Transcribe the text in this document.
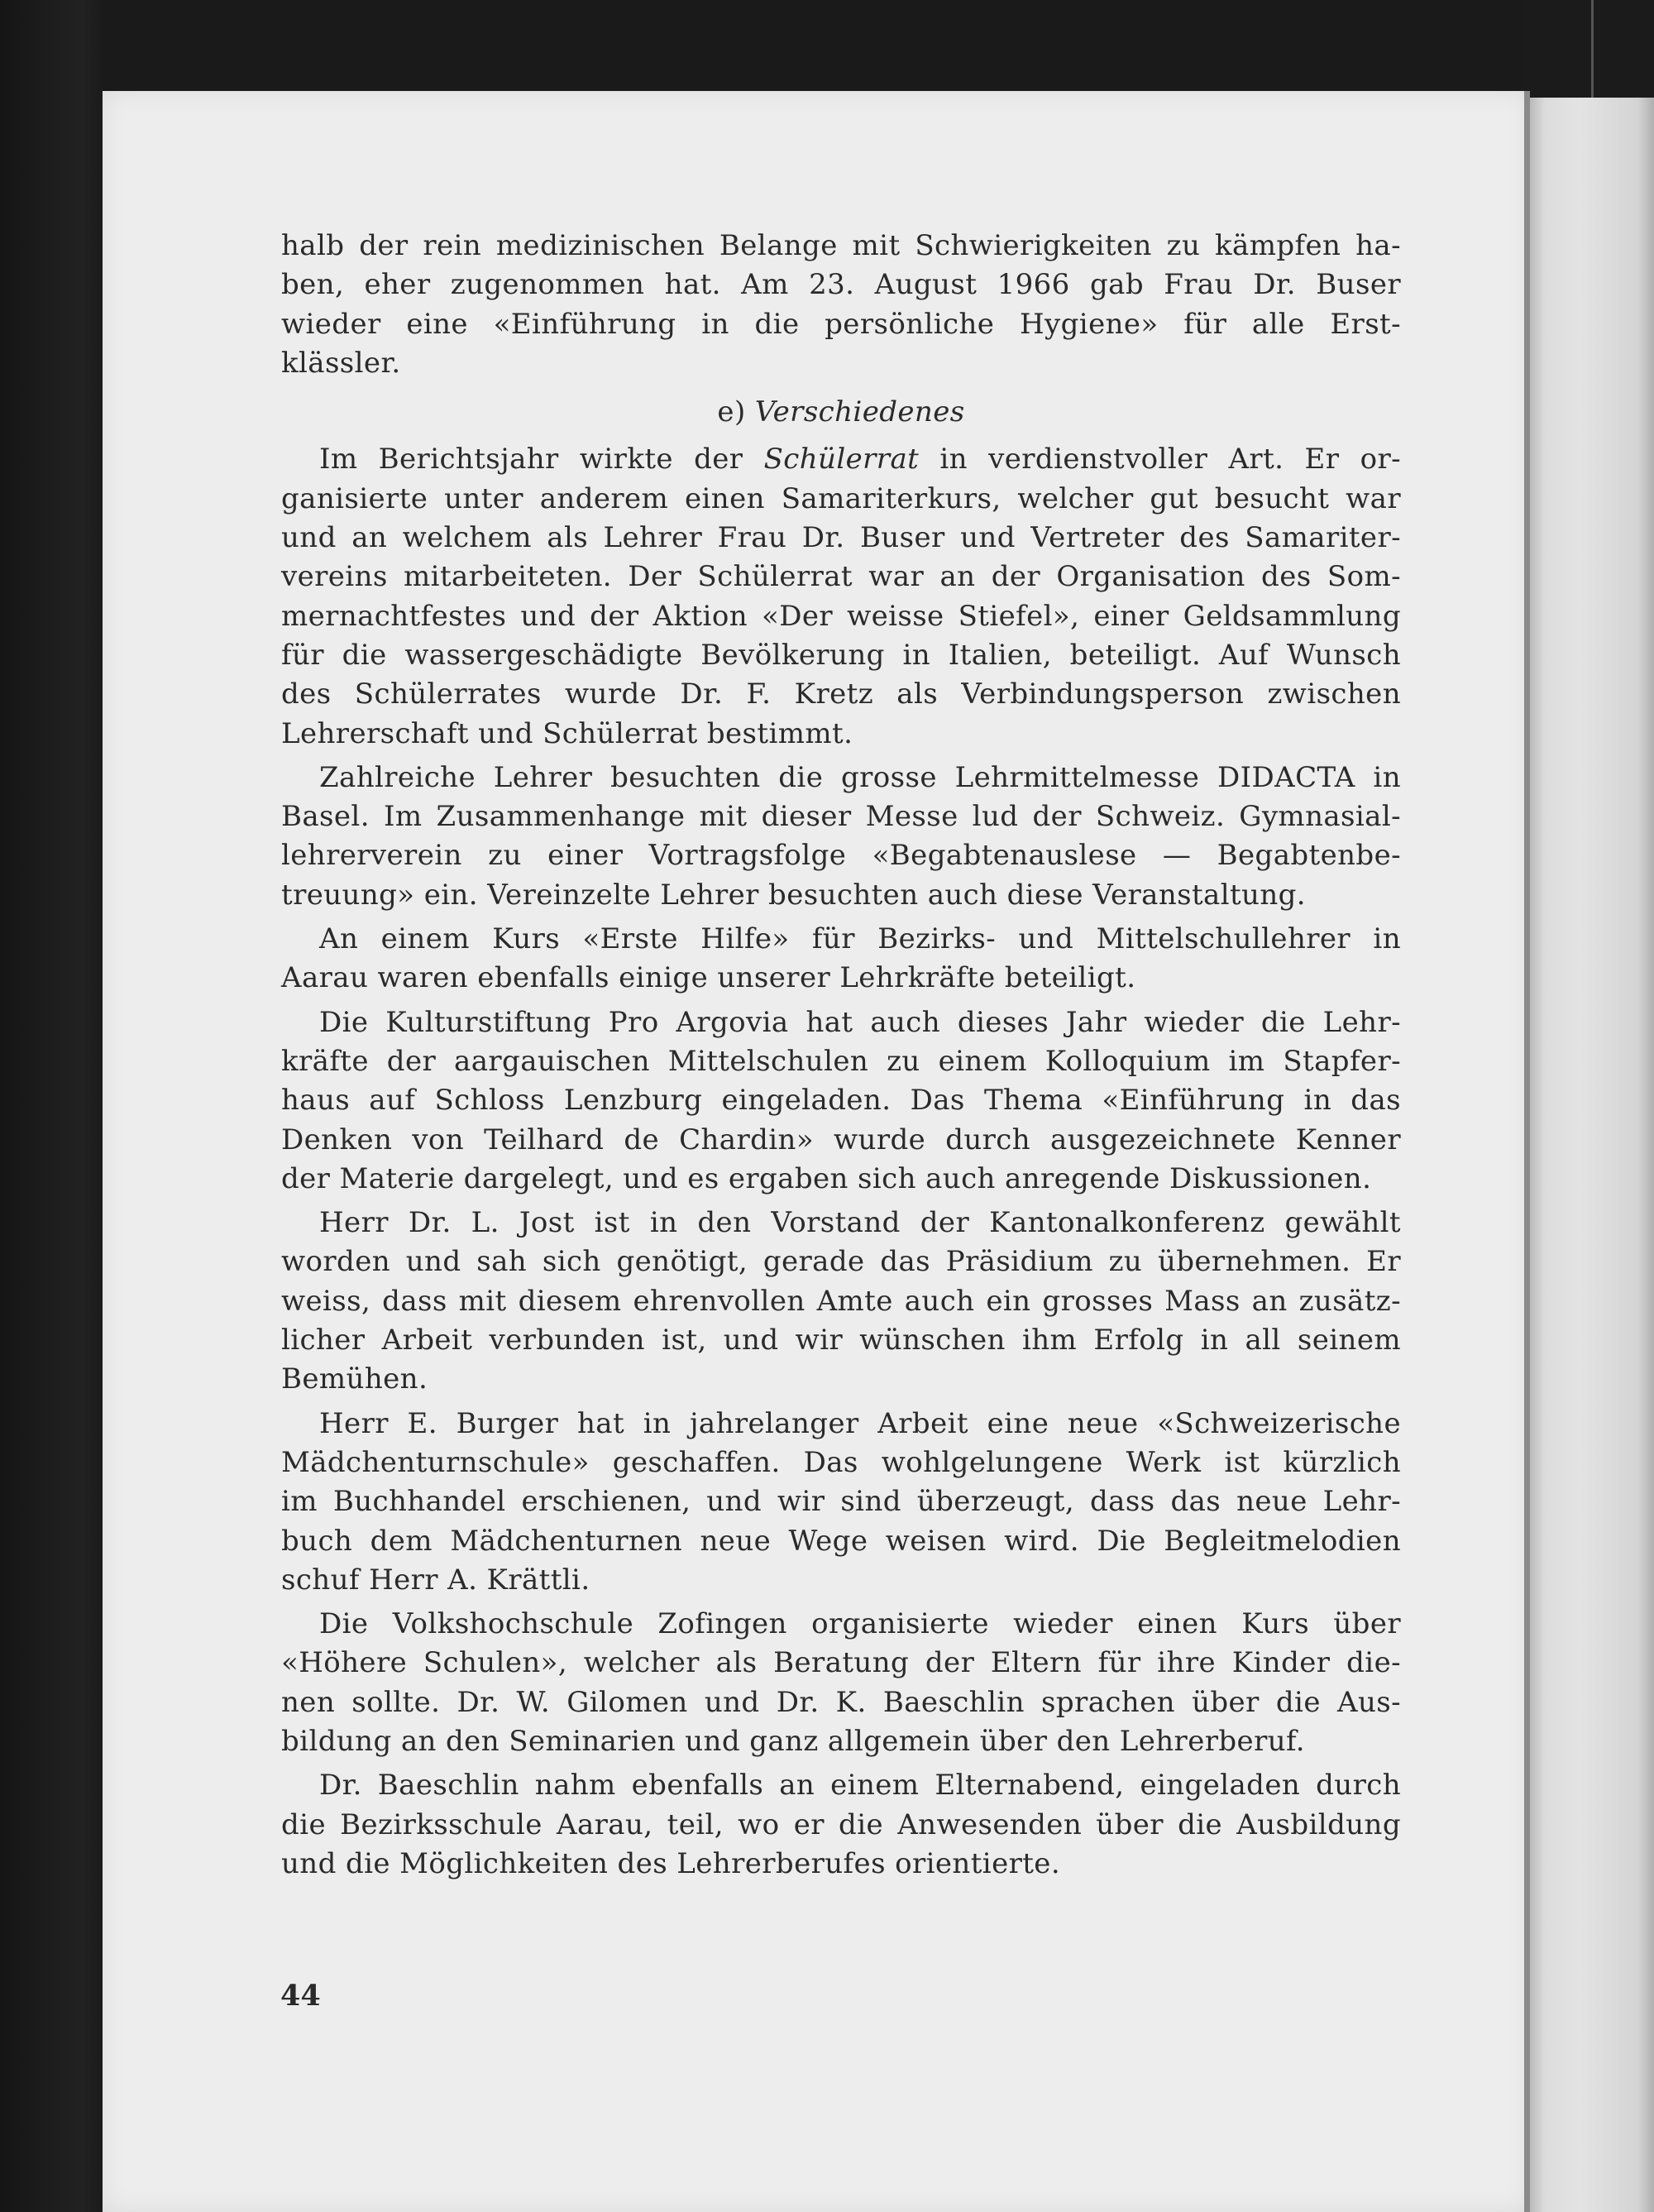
halb der rein medizinischen Belange mit Schwierigkeiten zu kämpfen ha-
ben, eher zugenommen hat. Am 23. August 1966 gab Frau Dr. Buser
wieder eine «Einführung in die persönliche Hygiene» für alle Erst-
klässler.

e) Verschiedenes

Im Berichtsjahr wirkte der Schülerrat in verdienstvoller Art. Er or-
ganisierte unter anderem einen Samariterkurs, welcher gut besucht war
und an welchem als Lehrer Frau Dr. Buser und Vertreter des Samariter-
vereins mitarbeiteten. Der Schülerrat war an der Organisation des Som-
mernachtfestes und der Aktion «Der weisse Stiefel», einer Geldsammlung
für die wassergeschädigte Bevölkerung in Italien, beteiligt. Auf Wunsch
des Schülerrates wurde Dr. F. Kretz als Verbindungsperson zwischen
Lehrerschaft und Schülerrat bestimmt.

Zahlreiche Lehrer besuchten die grosse Lehrmittelmesse DIDACTA in
Basel. Im Zusammenhange mit dieser Messe lud der Schweiz. Gymnasial-
lehrerverein zu einer Vortragsfolge «Begabtenauslese — Begabtenbe-
treuung» ein. Vereinzelte Lehrer besuchten auch diese Veranstaltung.

An einem Kurs «Erste Hilfe» für Bezirks- und Mittelschullehrer in
Aarau waren ebenfalls einige unserer Lehrkräfte beteiligt.

Die Kulturstiftung Pro Argovia hat auch dieses Jahr wieder die Lehr-
kräfte der aargauischen Mittelschulen zu einem Kolloquium im Stapfer-
haus auf Schloss Lenzburg eingeladen. Das Thema «Einführung in das
Denken von Teilhard de Chardin» wurde durch ausgezeichnete Kenner
der Materie dargelegt, und es ergaben sich auch anregende Diskussionen.

Herr Dr. L. Jost ist in den Vorstand der Kantonalkonferenz gewählt
worden und sah sich genötigt, gerade das Präsidium zu übernehmen. Er
weiss, dass mit diesem ehrenvollen Amte auch ein grosses Mass an zusätz-
licher Arbeit verbunden ist, und wir wünschen ihm Erfolg in all seinem
Bemühen.

Herr E. Burger hat in jahrelanger Arbeit eine neue «Schweizerische
Mädchenturnschule» geschaffen. Das wohlgelungene Werk ist kürzlich
im Buchhandel erschienen, und wir sind überzeugt, dass das neue Lehr-
buch dem Mädchenturnen neue Wege weisen wird. Die Begleitmelodien
schuf Herr A. Krättli.

Die Volkshochschule Zofingen organisierte wieder einen Kurs über
«Höhere Schulen», welcher als Beratung der Eltern für ihre Kinder die-
nen sollte. Dr. W. Gilomen und Dr. K. Baeschlin sprachen über die Aus-
bildung an den Seminarien und ganz allgemein über den Lehrerberuf.

Dr. Baeschlin nahm ebenfalls an einem Elternabend, eingeladen durch
die Bezirksschule Aarau, teil, wo er die Anwesenden über die Ausbildung
und die Möglichkeiten des Lehrerberufes orientierte.

44
